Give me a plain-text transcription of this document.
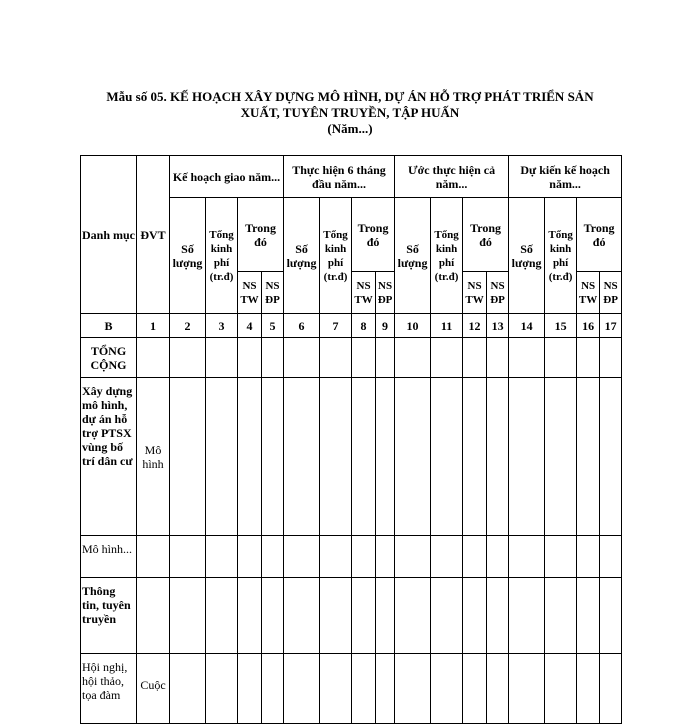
Mẫu số 05. KẾ HOẠCH XÂY DỰNG MÔ HÌNH, DỰ ÁN HỖ TRỢ PHÁT TRIỂN SẢN
XUẤT, TUYÊN TRUYỀN, TẬP HUẤN
(Năm...)
Danh mục	ĐVT	Kế hoạch giao năm...				Thực hiện 6 tháng đầu năm...				Ước thực hiện cả năm...				Dự kiến kế hoạch năm...			
		Số lượng	Tổng kinh phí (tr.đ)	Trong đó		Số lượng	Tổng kinh phí (tr.đ)	Trong đó		Số lượng	Tổng kinh phí (tr.đ)	Trong đó		Số lượng	Tổng kinh phí (tr.đ)	Trong đó	
				NS TW	NS ĐP			NS TW	NS ĐP			NS TW	NS ĐP			NS TW	NS ĐP
B	1	2	3	4	5	6	7	8	9	10	11	12	13	14	15	16	17
TỔNG CỘNG																	
Xây dựng mô hình, dự án hỗ trợ PTSX vùng bố trí dân cư	Mô hình																
Mô hình...																	
Thông tin, tuyên truyền																	
Hội nghị, hội thảo, tọa đàm	Cuộc																
